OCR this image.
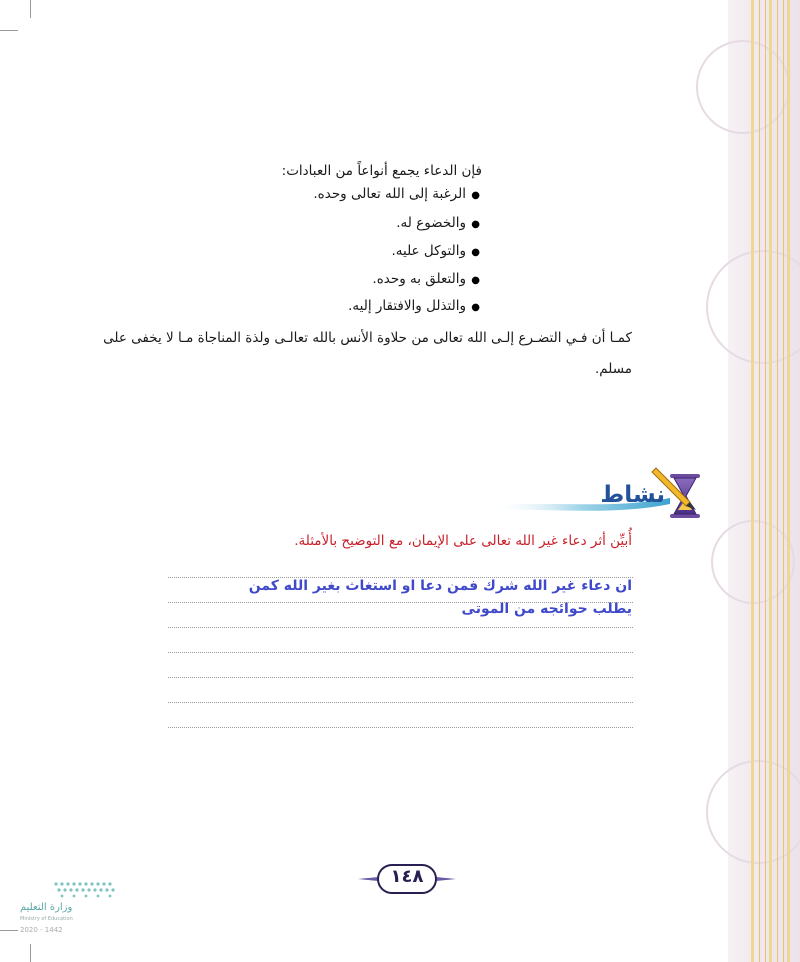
فإن الدعاء يجمع أنواعاً من العبادات:
●
الرغبة إلى الله تعالى وحده.
●
والخضوع له.
●
والتوكل عليه.
●
والتعلق به وحده.
●
والتذلل والافتقار إليه.
كمـا أن فـي التضـرع إلـى الله تعالى من حلاوة الأنس بالله تعالـى ولذة المناجاة مـا لا يخفى على
مسلم.
نشاط
أُبيِّن أثر دعاء غير الله تعالى على الإيمان، مع التوضيح بالأمثلة.
ان دعاء غير الله شرك فمن دعا او استغاث بغير الله كمن
يطلب حوائجه من الموتى
١٤٨
وزارة التعليم
Ministry of Education
2020 - 1442
